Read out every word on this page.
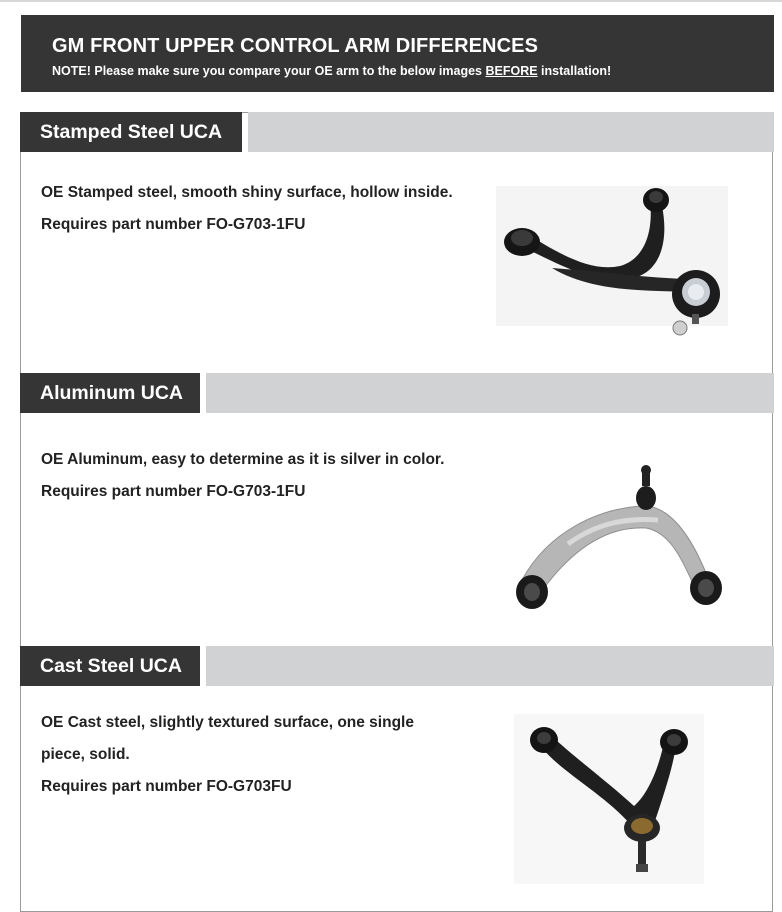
GM FRONT UPPER CONTROL ARM DIFFERENCES
NOTE! Please make sure you compare your OE arm to the below images BEFORE installation!
Stamped Steel UCA
OE Stamped steel, smooth shiny surface, hollow inside.
Requires part number FO-G703-1FU
Aluminum UCA
OE Aluminum, easy to determine as it is silver in color.
Requires part number FO-G703-1FU
Cast Steel UCA
OE Cast steel, slightly textured surface, one single
piece, solid.
Requires part number FO-G703FU
